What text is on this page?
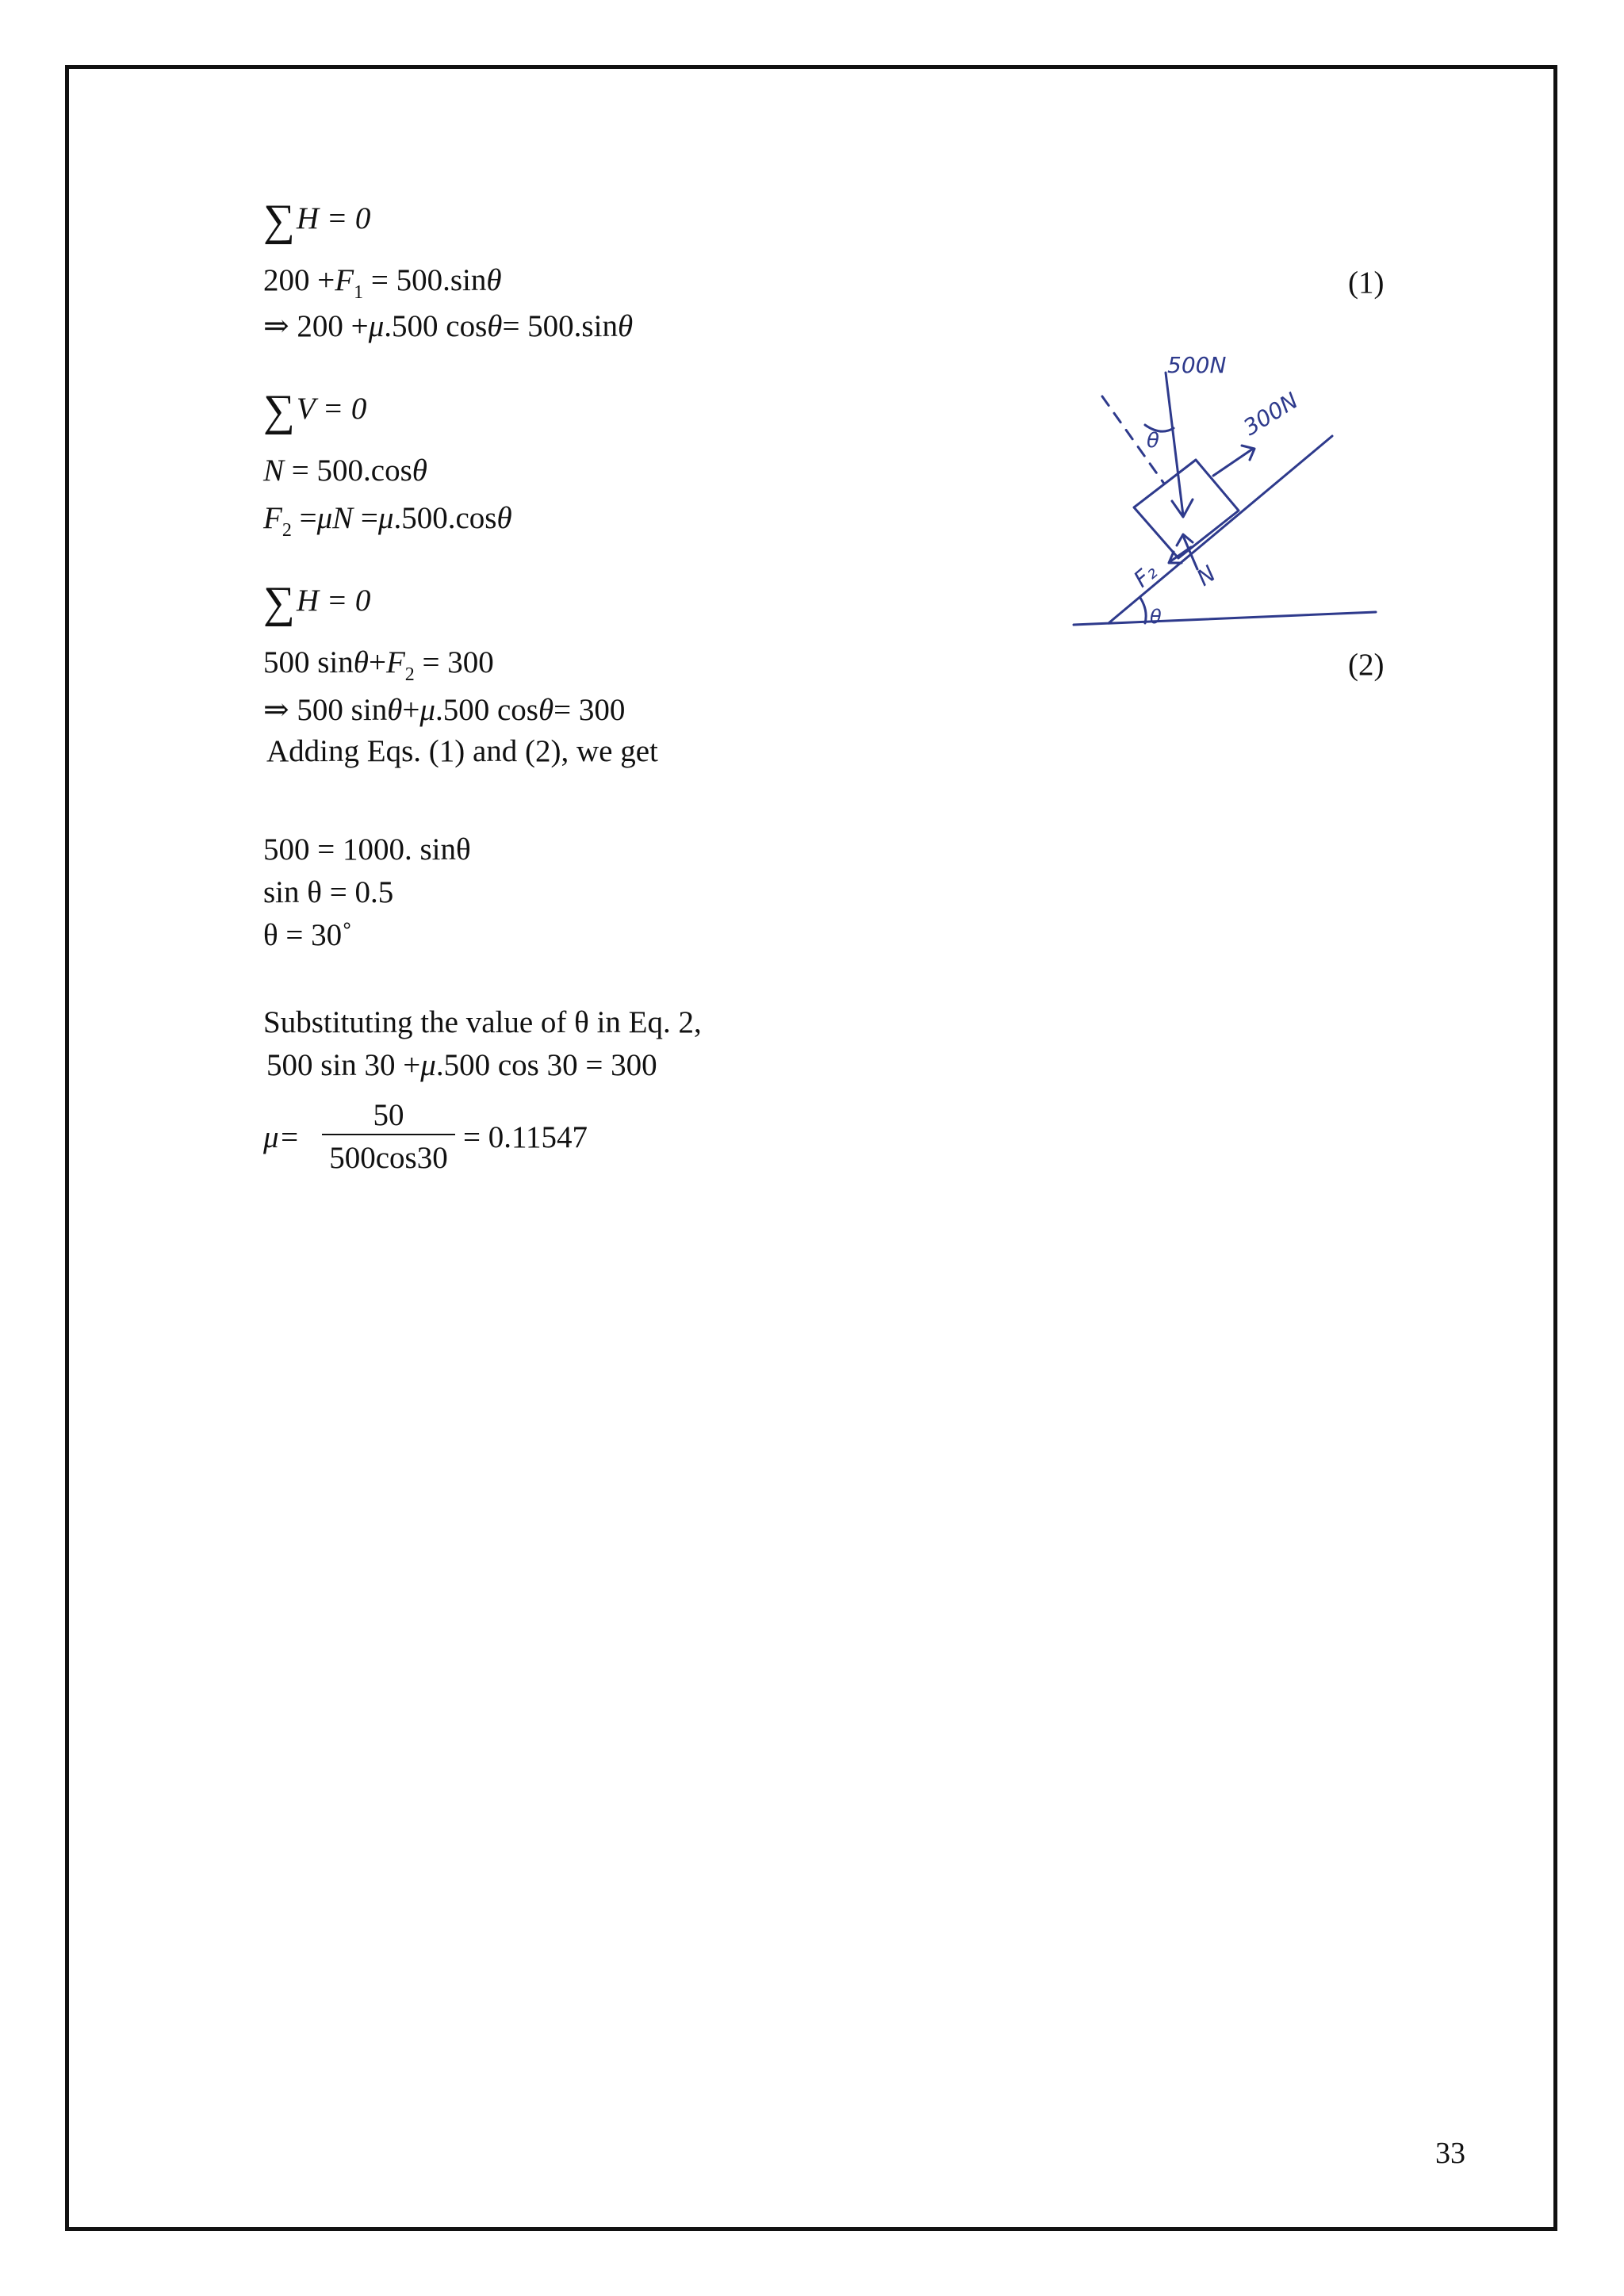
∑H = 0
$200 +F_1 = 500.\sin\theta$	(1)
⇒ 200 +μ.500 cosθ= 500.sinθ
∑V = 0
N = 500.cosθ
$F_2 =\mu N =\mu.500.\cos\theta$
∑H = 0
500 $\sin\theta+F_2 = 300$	(2)
⇒ 500 sinθ+μ.500 cosθ= 300
Adding Eqs. (1) and (2), we get
500 = 1000. sinθ
sin θ = 0.5
θ = 30˚
Substituting the value of θ in Eq. 2,
500 sin 30 +μ.500 cos 30 = 300
μ=
50
500cos30
= 0.11547
500N
300N
N
F₂
θ
θ
33
